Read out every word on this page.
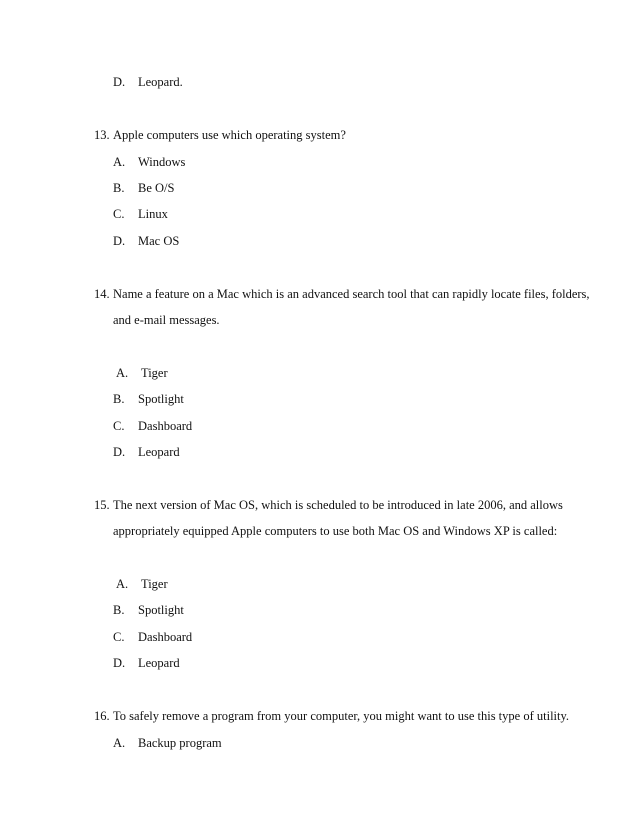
D. Leopard.
13. Apple computers use which operating system?
A. Windows
B. Be O/S
C. Linux
D. Mac OS
14. Name a feature on a Mac which is an advanced search tool that can rapidly locate files, folders,
and e-mail messages.
A. Tiger
B. Spotlight
C. Dashboard
D. Leopard
15. The next version of Mac OS, which is scheduled to be introduced in late 2006, and allows
appropriately equipped Apple computers to use both Mac OS and Windows XP is called:
A. Tiger
B. Spotlight
C. Dashboard
D. Leopard
16. To safely remove a program from your computer, you might want to use this type of utility.
A. Backup program
